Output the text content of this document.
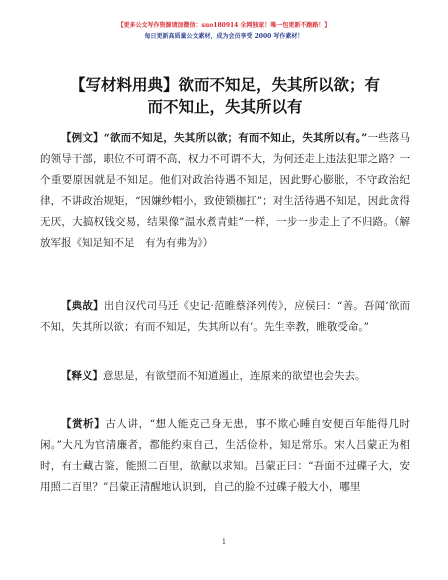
【更多公文写作资源请加微信：suo180914 全网独家！唯一包更新不跑路！】
每日更新高质量公文素材，成为会员享受 2000 写作素材！
【写材料用典】欲而不知足，失其所以欲；有
而不知止，失其所以有
【例文】“欲而不知足，失其所以欲；有而不知止，失其所以有。”一些落马的领导干部，职位不可谓不高，权力不可谓不大，为何还走上违法犯罪之路？一个重要原因就是不知足。他们对政治待遇不知足，因此野心膨胀，不守政治纪律，不讲政治规矩，“因嫌纱帽小，致使锁枷扛”；对生活待遇不知足，因此贪得无厌，大搞权钱交易，结果像“温水煮青蛙”一样，一步一步走上了不归路。（解放军报《知足知不足　有为有弗为》）
【典故】出自汉代司马迁《史记·范睢蔡泽列传》，应侯曰：“善。吾闻‘欲而不知，失其所以欲；有而不知足，失其所以有’。先生幸教，睢敬受命。”
【释义】意思是，有欲望而不知道遏止，连原来的欲望也会失去。
【赏析】古人讲，“想人能克己身无患，事不欺心睡自安便百年能得几时闲。”大凡为官清廉者，都能约束自己，生活俭朴，知足常乐。宋人吕蒙正为相时，有士藏古鉴，能照二百里，欲献以求知。吕蒙正曰：“吾面不过碟子大，安用照二百里？”吕蒙正清醒地认识到，自己的脸不过碟子般大小，哪里
1
